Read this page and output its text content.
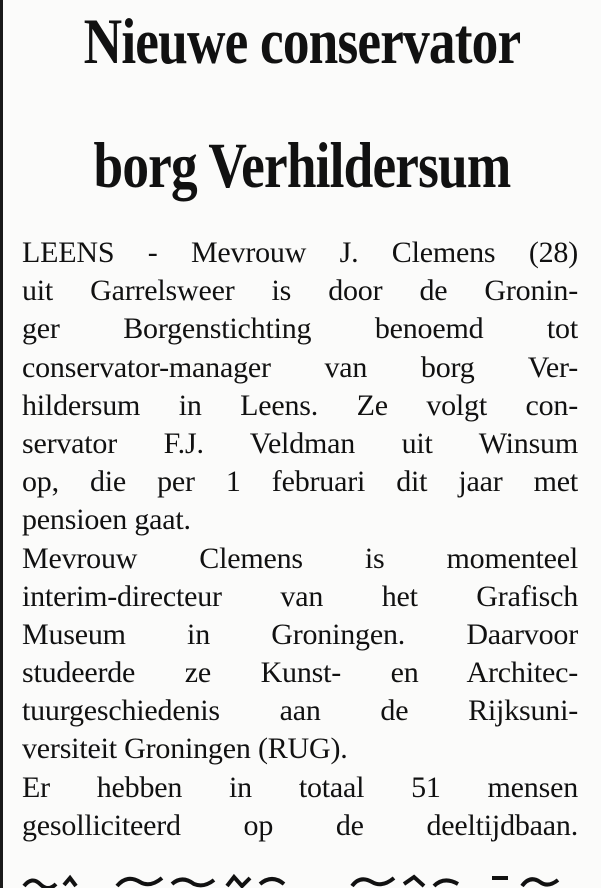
Nieuwe conservator
borg Verhildersum
LEENS - Mevrouw J. Clemens (28)
uit Garrelsweer is door de Gronin-
ger Borgenstichting benoemd tot
conservator-manager van borg Ver-
hildersum in Leens. Ze volgt con-
servator F.J. Veldman uit Winsum
op, die per 1 februari dit jaar met
pensioen gaat.
Mevrouw Clemens is momenteel
interim-directeur van het Grafisch
Museum in Groningen. Daarvoor
studeerde ze Kunst- en Architec-
tuurgeschiedenis aan de Rijksuni-
versiteit Groningen (RUG).
Er hebben in totaal 51 mensen
gesolliciteerd op de deeltijdbaan.
